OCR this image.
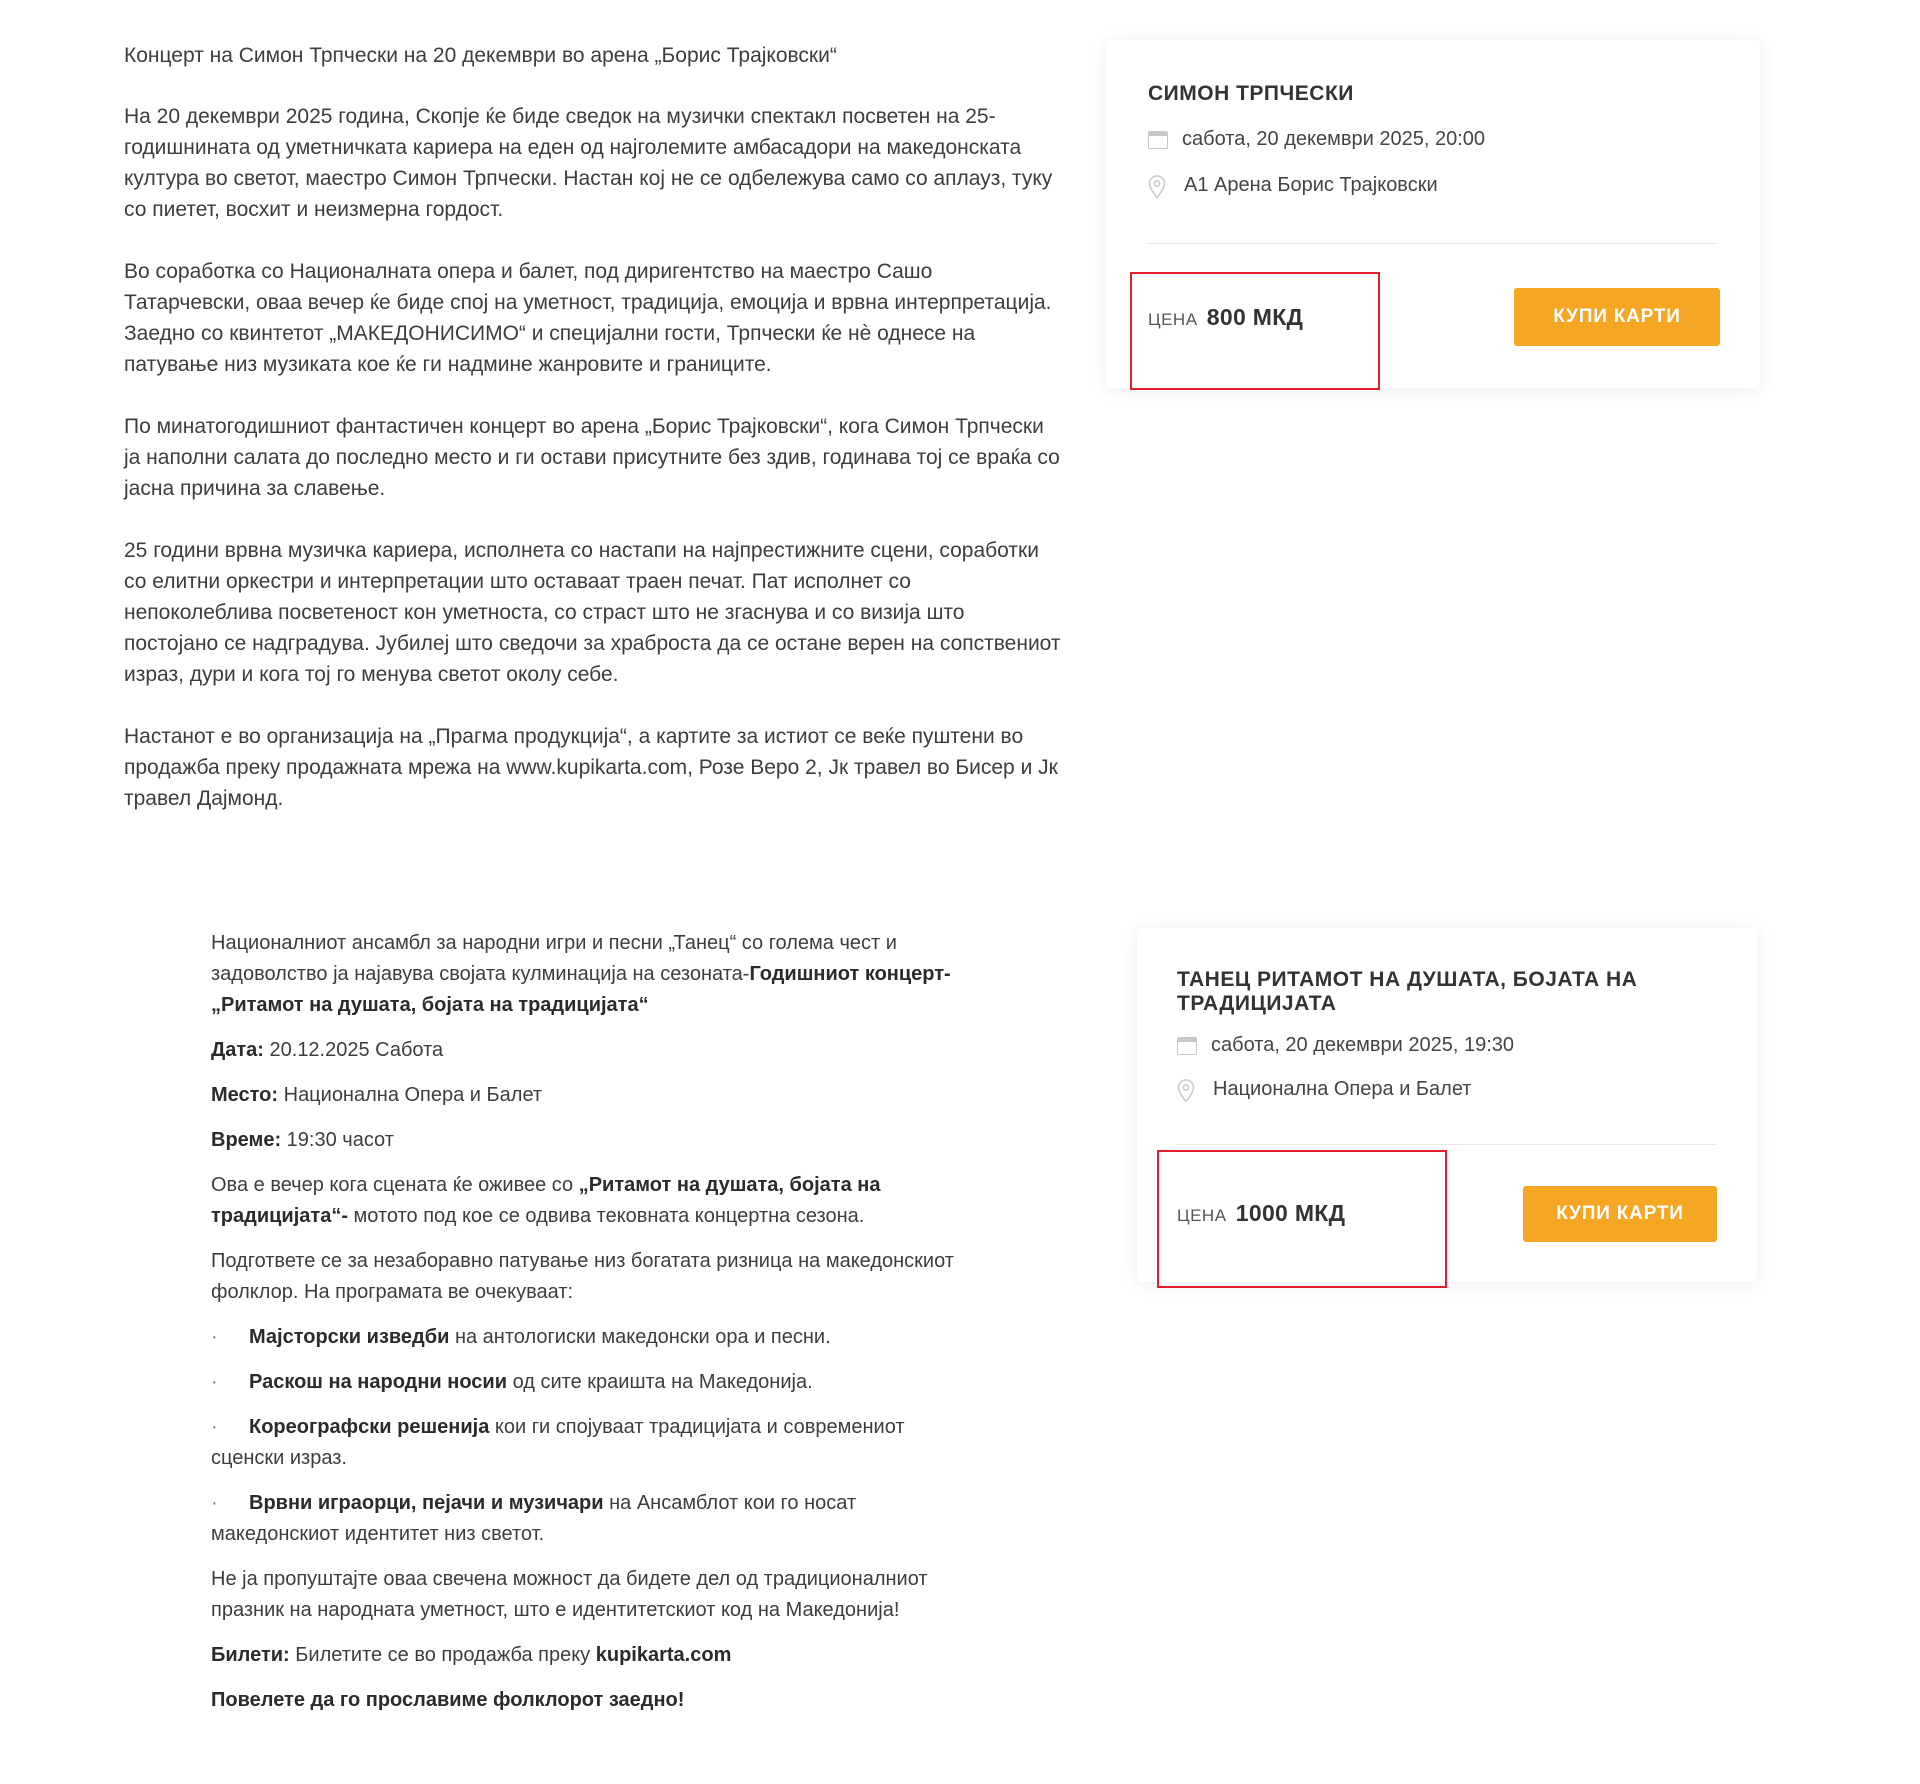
Концерт на Симон Трпчески на 20 декември во арена „Борис Трајковски“

На 20 декември 2025 година, Скопје ќе биде сведок на музички спектакл посветен на 25-годишнината од уметничката кариера на еден од најголемите амбасадори на македонската култура во светот, маестро Симон Трпчески. Настан кој не се одбележува само со аплауз, туку со пиетет, восхит и неизмерна гордост.

Во соработка со Националната опера и балет, под диригентство на маестро Сашо Татарчевски, оваа вечер ќе биде спој на уметност, традиција, емоција и врвна интерпретација. Заедно со квинтетот „МАКЕДОНИСИМО“ и специјални гости, Трпчески ќе нè однесе на патување низ музиката кое ќе ги надмине жанровите и границите.

По минатогодишниот фантастичен концерт во арена „Борис Трајковски“, кога Симон Трпчески ја наполни салата до последно место и ги остави присутните без здив, годинава тој се враќа со јасна причина за славење.

25 години врвна музичка кариера, исполнета со настапи на најпрестижните сцени, соработки со елитни оркестри и интерпретации што оставаат траен печат. Пат исполнет со непоколеблива посветеност кон уметноста, со страст што не згаснува и со визија што постојано се надградува. Јубилеј што сведочи за храброста да се остане верен на сопствениот израз, дури и кога тој го менува светот околу себе.

Настанот е во организација на „Прагма продукција“, а картите за истиот се веќе пуштени во продажба преку продажната мрежа на www.kupikarta.com, Розе Веро 2, Јк травел во Бисер и Јк травел Дајмонд.

СИМОН ТРПЧЕСКИ
сабота, 20 декември 2025, 20:00
А1 Арена Борис Трајковски
ЦЕНА 800 МКД	КУПИ КАРТИ

Националниот ансамбл за народни игри и песни „Танец“ со голема чест и задоволство ја најавува својата кулминација на сезоната-Годишниот концерт-„Ритамот на душата, бојата на традицијата“

Дата: 20.12.2025 Сабота

Место: Национална Опера и Балет

Време: 19:30 часот

Ова е вечер кога сцената ќе оживее со „Ритамот на душата, бојата на традицијата“- мотото под кое се одвива тековната концертна сезона.

Подгответе се за незаборавно патување низ богатата ризница на македонскиот фолклор. На програмата ве очекуваат:

·	Мајсторски изведби на антологиски македонски ора и песни.
·	Раскош на народни носии од сите краишта на Македонија.
Кореографски решенија кои ги спојуваат традицијата и современиот сценски израз.
·
Врвни играорци, пејачи и музичари на Ансамблот кои го носат македонскиот идентитет низ светот.
·

Не ја пропуштајте оваа свечена можност да бидете дел од традиционалниот празник на народната уметност, што е идентитетскиот код на Македонија!

Билети: Билетите се во продажба преку kupikarta.com

Повелете да го прославиме фолклорот заедно!

ТАНЕЦ РИТАМОТ НА ДУШАТА, БОЈАТА НА ТРАДИЦИЈАТА
сабота, 20 декември 2025, 19:30
Национална Опера и Балет
ЦЕНА 1000 МКД	КУПИ КАРТИ
